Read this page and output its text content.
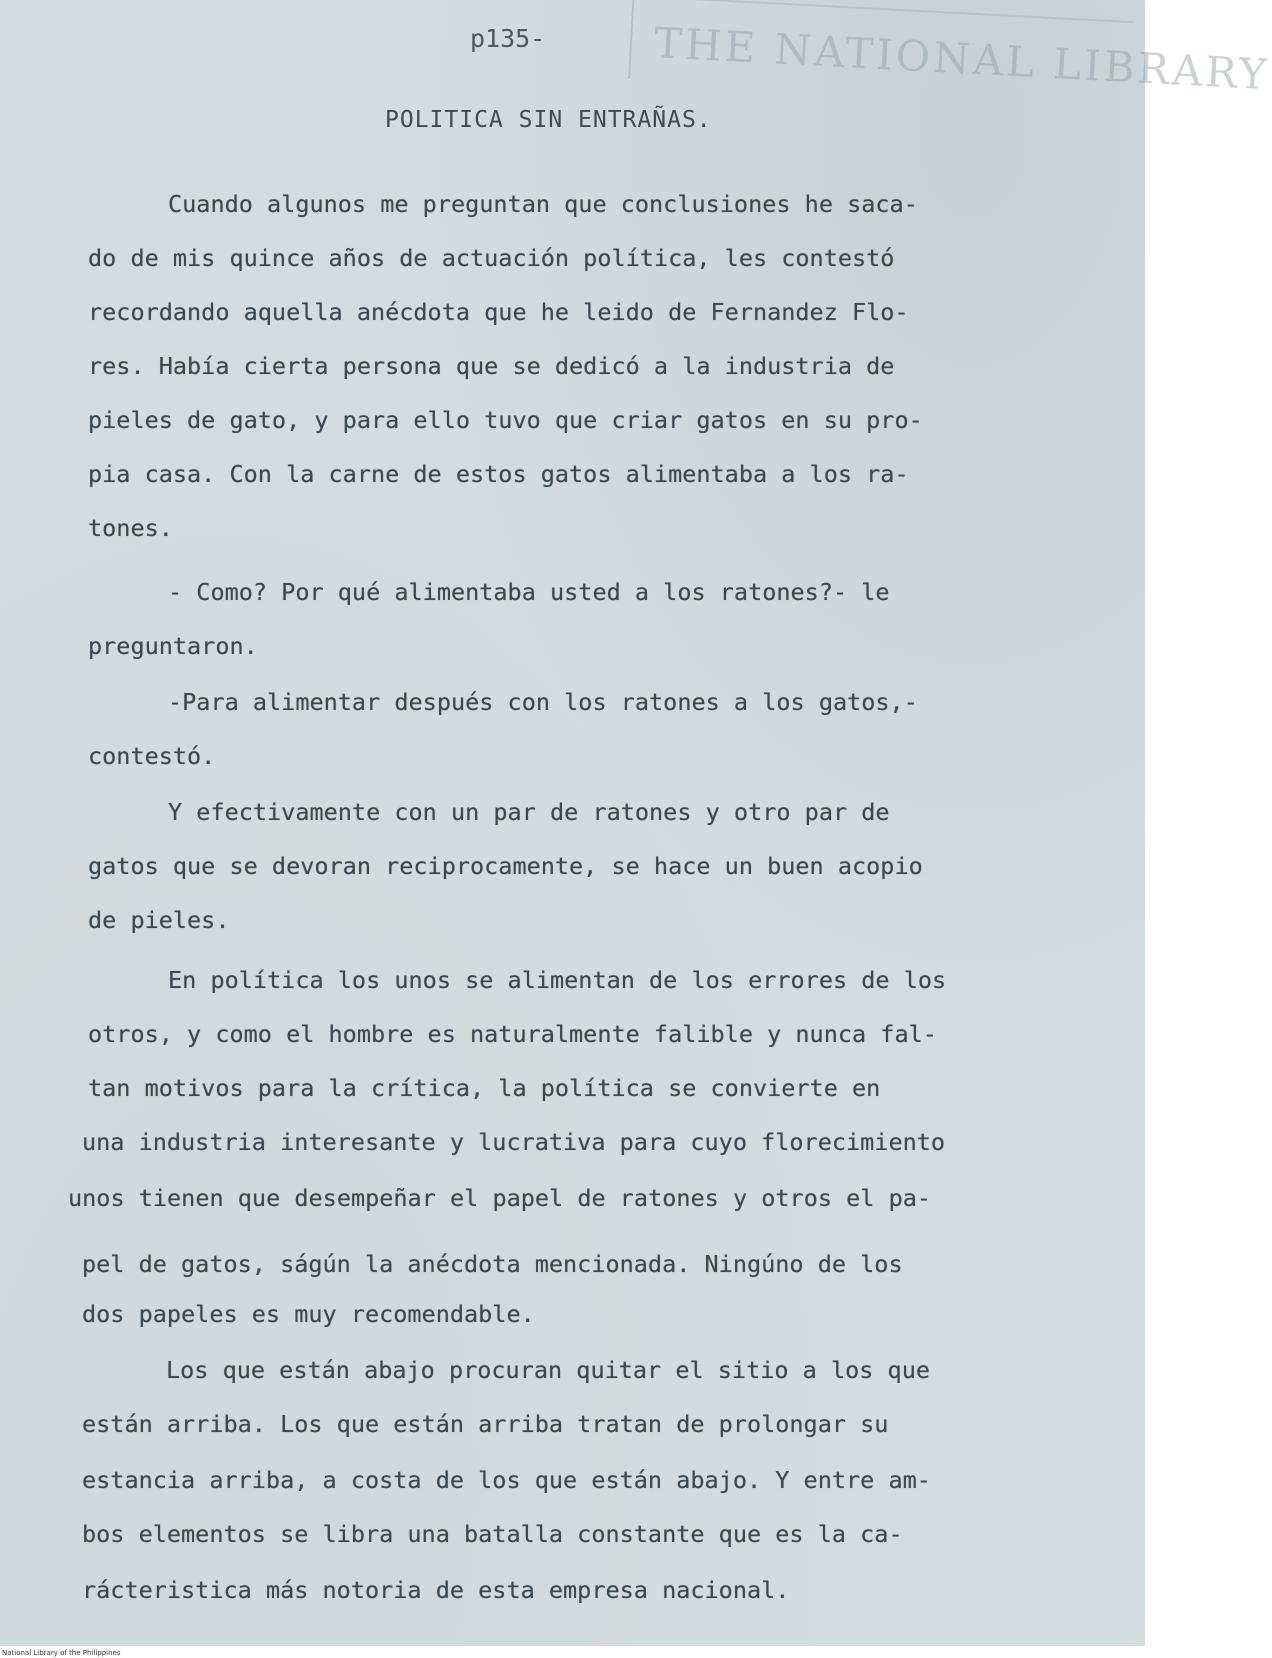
THE NATIONAL LIBRARY
p135-
POLITICA SIN ENTRAÑAS.
Cuando algunos me preguntan que conclusiones he saca-
do de mis quince años de actuación política, les contestó
recordando aquella anécdota que he leido de Fernandez Flo-
res. Había cierta persona que se dedicó a la industria de
pieles de gato, y para ello tuvo que criar gatos en su pro-
pia casa. Con la carne de estos gatos alimentaba a los ra-
tones.
- Como? Por qué alimentaba usted a los ratones?- le
preguntaron.
-Para alimentar después con los ratones a los gatos,-
contestó.
Y efectivamente con un par de ratones y otro par de
gatos que se devoran reciprocamente, se hace un buen acopio
de pieles.
En política los unos se alimentan de los errores de los
otros, y como el hombre es naturalmente falible y nunca fal-
tan motivos para la crítica, la política se convierte en
una industria interesante y lucrativa para cuyo florecimiento
unos tienen que desempeñar el papel de ratones y otros el pa-
pel de gatos, ságún la anécdota mencionada. Ningúno de los
dos papeles es muy recomendable.
Los que están abajo procuran quitar el sitio a los que
están arriba. Los que están arriba tratan de prolongar su
estancia arriba, a costa de los que están abajo. Y entre am-
bos elementos se libra una batalla constante que es la ca-
rácteristica más notoria de esta empresa nacional.
National Library of the Philippines
